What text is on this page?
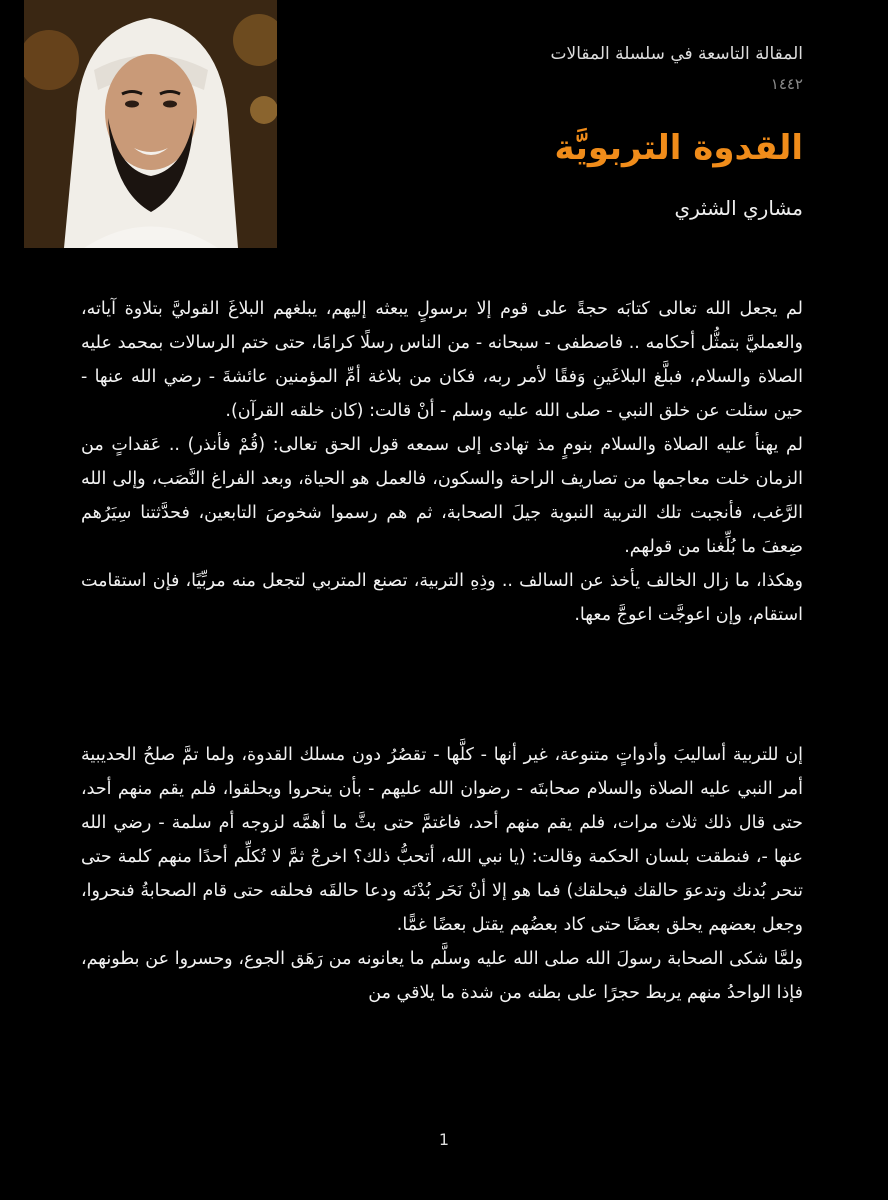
المقالة التاسعة في سلسلة المقالات
١٤٤٢
القدوة التربويَّة
مشاري الشثري

لم يجعل الله تعالى كتابَه حجةً على قوم إلا برسولٍ يبعثه إليهم، يبلغهم البلاغَ القوليَّ بتلاوة آياته، والعمليَّ بتمثُّل أحكامه .. فاصطفى - سبحانه - من الناس رسلًا كرامًا، حتى ختم الرسالات بمحمد عليه الصلاة والسلام، فبلَّغ البلاغَينِ وَفقًا لأمر ربه، فكان من بلاغة أمِّ المؤمنين عائشةَ - رضي الله عنها - حين سئلت عن خلق النبي - صلى الله عليه وسلم - أنْ قالت: (كان خلقه القرآن).

لم يهنأ عليه الصلاة والسلام بنومٍ مذ تهادى إلى سمعه قول الحق تعالى: (قُمْ فأنذر) .. عَقداتٍ من الزمان خلت معاجمها من تصاريف الراحة والسكون، فالعمل هو الحياة، وبعد الفراغ النَّصَب، وإلى الله الرَّغب، فأنجبت تلك التربية النبوية جيلَ الصحابة، ثم هم رسموا شخوصَ التابعين، فحدَّثتنا سِيَرُهم ضِعفَ ما بُلِّغنا من قولهم.

وهكذا، ما زال الخالف يأخذ عن السالف .. وذِهِ التربية، تصنع المتربي لتجعل منه مربِّيًا، فإن استقامت استقام، وإن اعوجَّت اعوجَّ معها.

إن للتربية أساليبَ وأدواتٍ متنوعة، غير أنها - كلَّها - تقصُرُ دون مسلك القدوة، ولما تمَّ صلحُ الحديبية أمر النبي عليه الصلاة والسلام صحابتَه - رضوان الله عليهم - بأن ينحروا ويحلقوا، فلم يقم منهم أحد، حتى قال ذلك ثلاث مرات، فلم يقم منهم أحد، فاغتمَّ حتى بثَّ ما أهمَّه لزوجه أم سلمة - رضي الله عنها -، فنطقت بلسان الحكمة وقالت: (يا نبي الله، أتحبُّ ذلك؟ اخرجْ ثمَّ لا تُكلِّم أحدًا منهم كلمة حتى تنحر بُدنك وتدعوَ حالقك فيحلقك) فما هو إلا أنْ نَحَر بُدْنَه ودعا حالقَه فحلقه حتى قام الصحابةُ فنحروا، وجعل بعضهم يحلق بعضًا حتى كاد بعضُهم يقتل بعضًا غمًّا.

ولمَّا شكى الصحابة رسولَ الله صلى الله عليه وسلَّم ما يعانونه من رَهَق الجوع، وحسروا عن بطونهم، فإذا الواحدُ منهم يربط حجرًا على بطنه من شدة ما يلاقي من

1
